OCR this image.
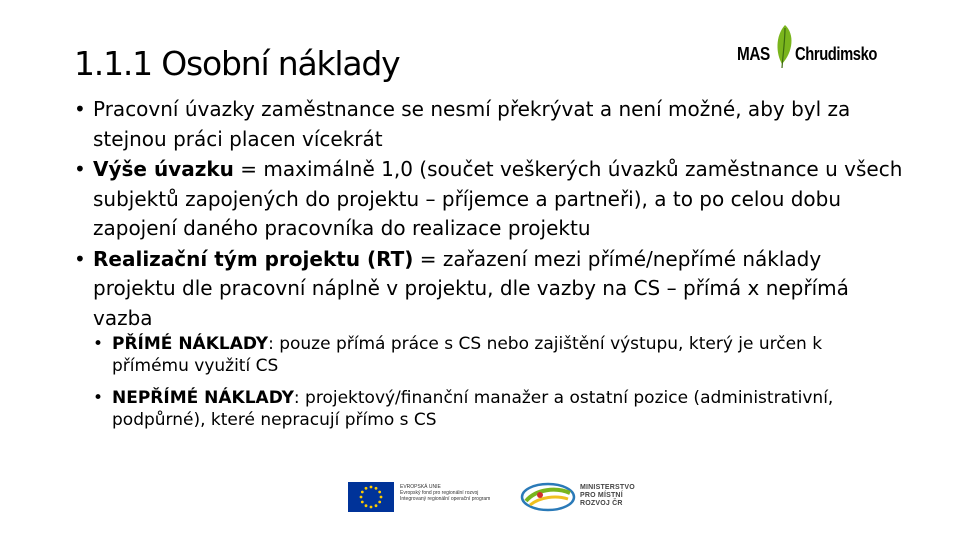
1.1.1 Osobní náklady	MAS Chrudimsko
• Pracovní úvazky zaměstnance se nesmí překrývat a není možné, aby byl za stejnou práci placen vícekrát
• Výše úvazku = maximálně 1,0 (součet veškerých úvazků zaměstnance u všech subjektů zapojených do projektu – příjemce a partneři), a to po celou dobu zapojení daného pracovníka do realizace projektu
• Realizační tým projektu (RT) = zařazení mezi přímé/nepřímé náklady projektu dle pracovní náplně v projektu, dle vazby na CS – přímá x nepřímá vazba
• PŘÍMÉ NÁKLADY: pouze přímá práce s CS nebo zajištění výstupu, který je určen k přímému využití CS
• NEPŘÍMÉ NÁKLADY: projektový/finanční manažer a ostatní pozice (administrativní, podpůrné), které nepracují přímo s CS
EVROPSKÁ UNIE
Evropský fond pro regionální rozvoj
Integrovaný regionální operační program
MINISTERSTVO
PRO MÍSTNÍ
ROZVOJ ČR
